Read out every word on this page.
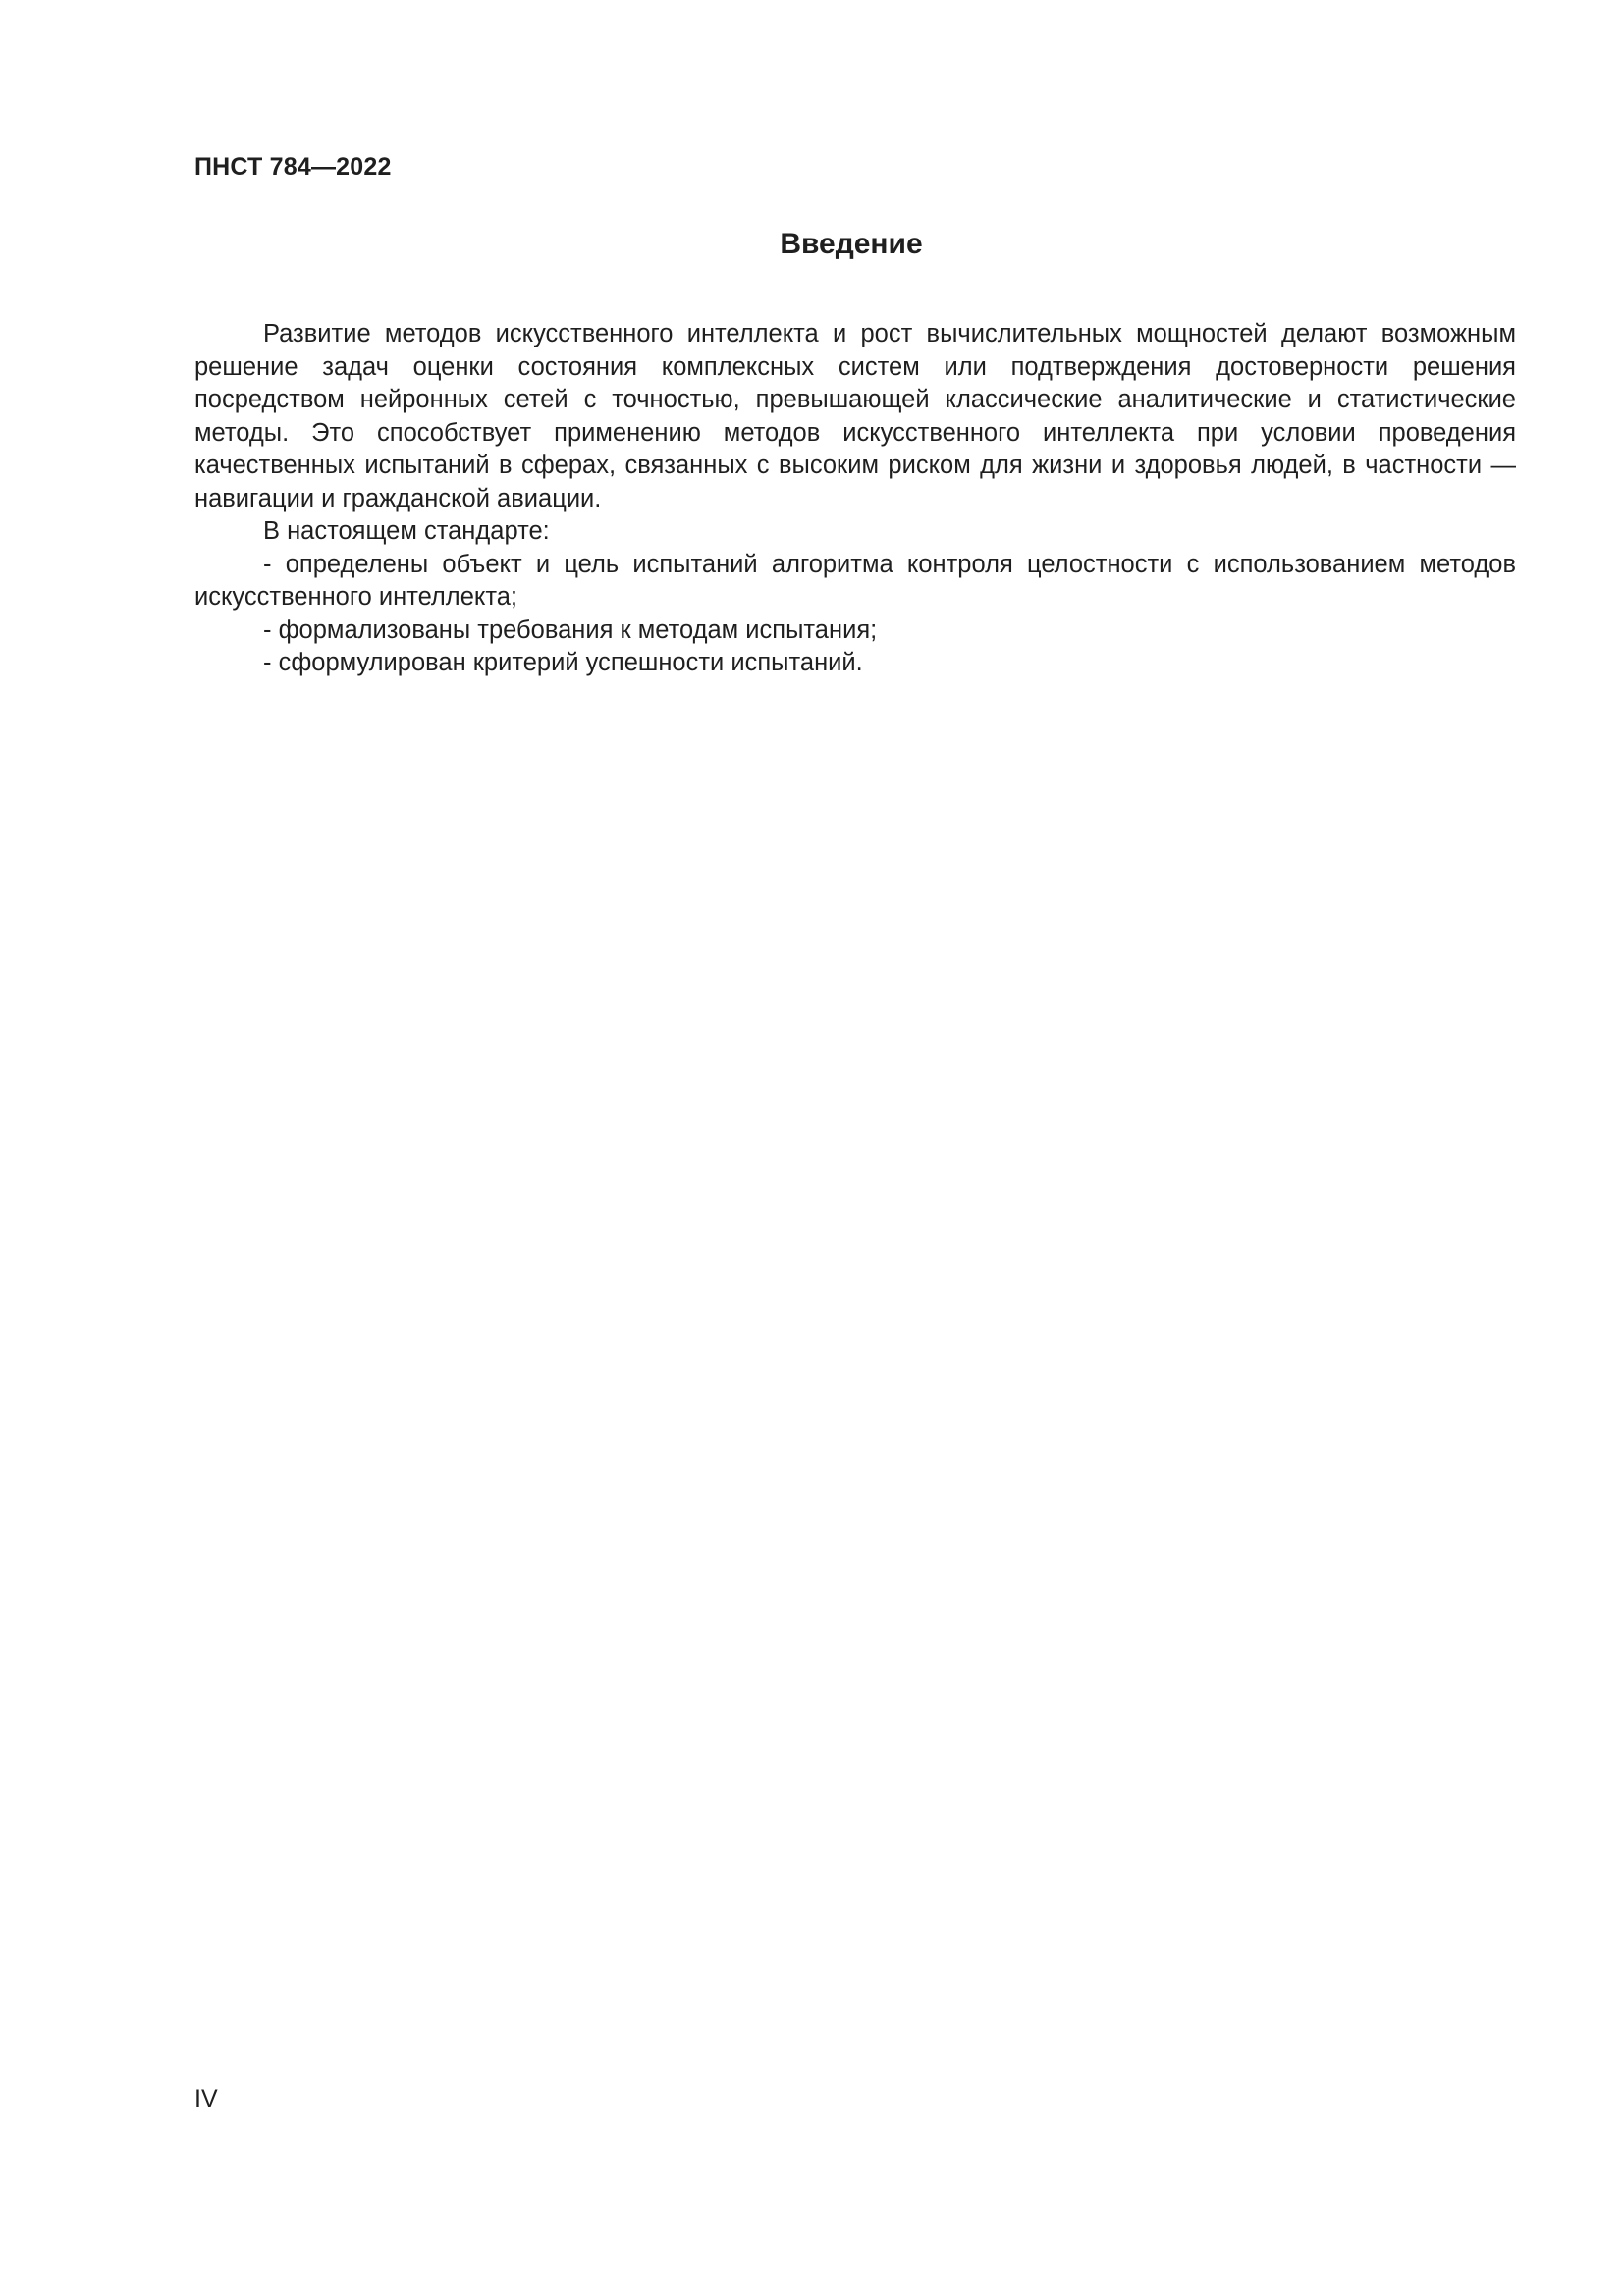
ПНСТ 784—2022
Введение

Развитие методов искусственного интеллекта и рост вычислительных мощностей делают возможным решение задач оценки состояния комплексных систем или подтверждения достоверности решения посредством нейронных сетей с точностью, превышающей классические аналитические и статистические методы. Это способствует применению методов искусственного интеллекта при условии проведения качественных испытаний в сферах, связанных с высоким риском для жизни и здоровья людей, в частности — навигации и гражданской авиации.

В настоящем стандарте:

- определены объект и цель испытаний алгоритма контроля целостности с использованием методов искусственного интеллекта;

- формализованы требования к методам испытания;

- сформулирован критерий успешности испытаний.

IV
